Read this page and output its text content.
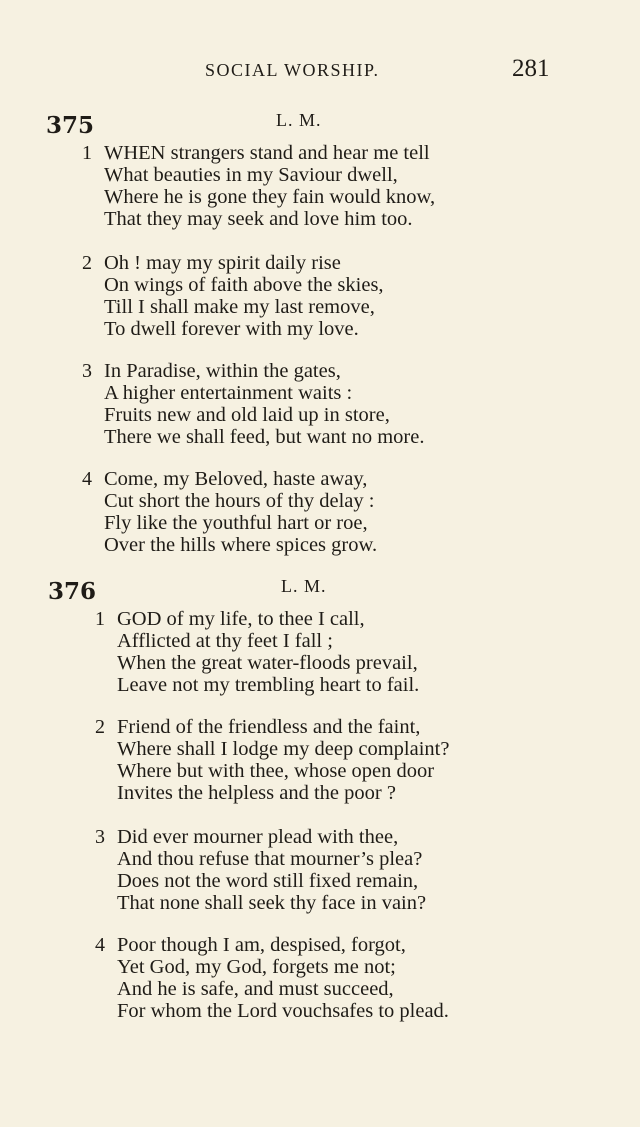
SOCIAL WORSHIP.	281
375	L. M.
1 WHEN strangers stand and hear me tell
What beauties in my Saviour dwell,
Where he is gone they fain would know,
That they may seek and love him too.
2 Oh ! may my spirit daily rise
On wings of faith above the skies,
Till I shall make my last remove,
To dwell forever with my love.
3 In Paradise, within the gates,
A higher entertainment waits :
Fruits new and old laid up in store,
There we shall feed, but want no more.
4 Come, my Beloved, haste away,
Cut short the hours of thy delay :
Fly like the youthful hart or roe,
Over the hills where spices grow.
376	L. M.
1 GOD of my life, to thee I call,
Afflicted at thy feet I fall ;
When the great water-floods prevail,
Leave not my trembling heart to fail.
2 Friend of the friendless and the faint,
Where shall I lodge my deep complaint?
Where but with thee, whose open door
Invites the helpless and the poor ?
3 Did ever mourner plead with thee,
And thou refuse that mourner’s plea?
Does not the word still fixed remain,
That none shall seek thy face in vain?
4 Poor though I am, despised, forgot,
Yet God, my God, forgets me not;
And he is safe, and must succeed,
For whom the Lord vouchsafes to plead.
